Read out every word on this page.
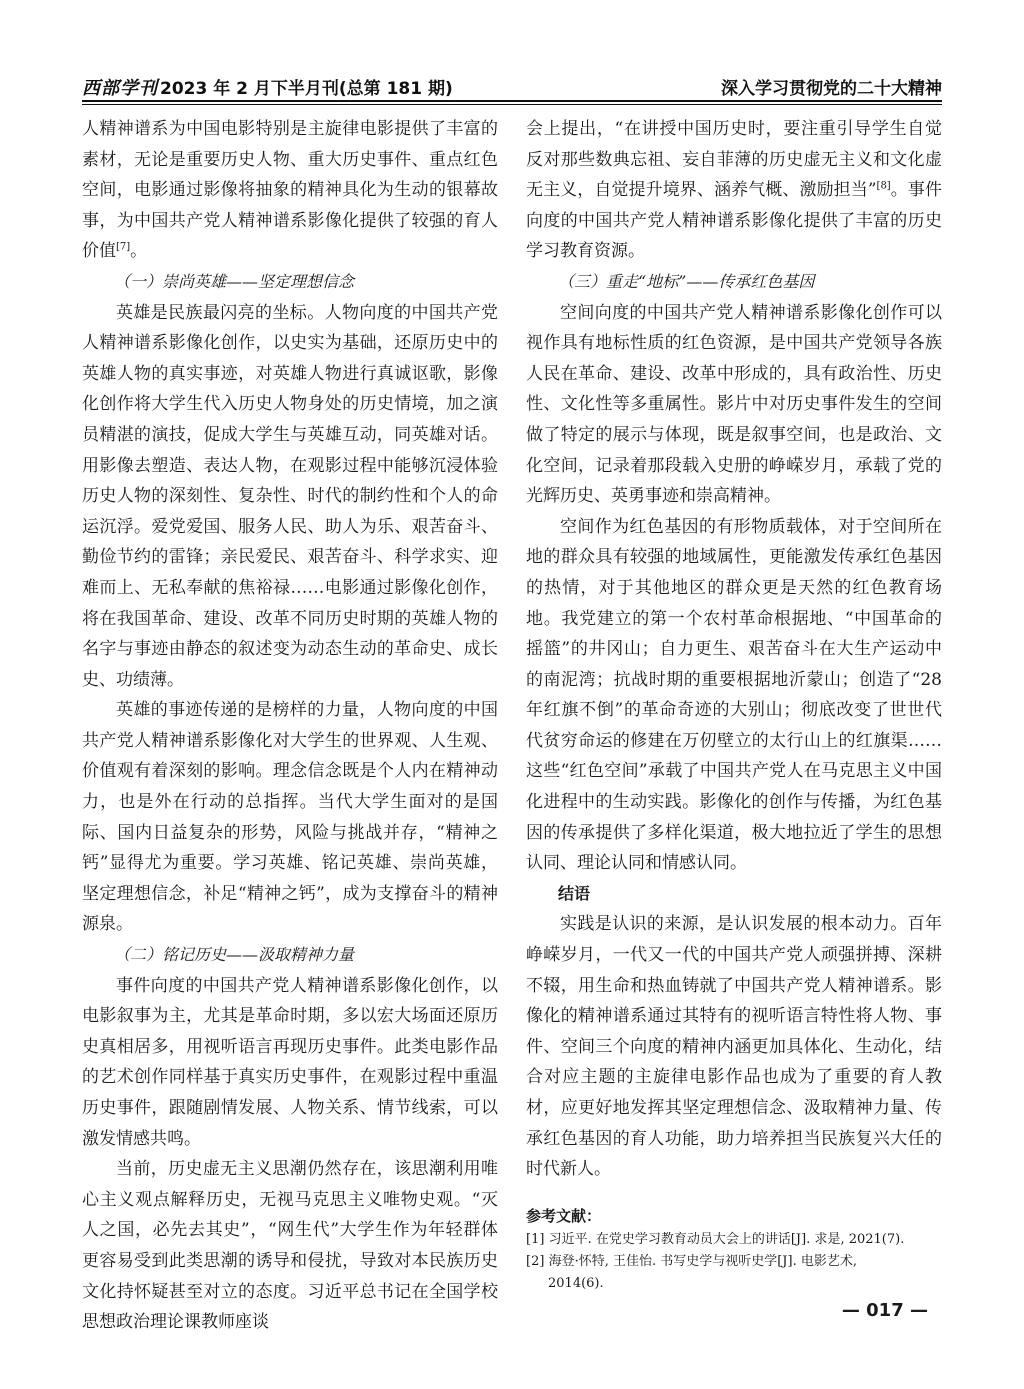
西部学刊 2023 年 2 月下半月刊(总第 181 期)	深入学习贯彻党的二十大精神

人精神谱系为中国电影特别是主旋律电影提供了丰富的素材，无论是重要历史人物、重大历史事件、重点红色空间，电影通过影像将抽象的精神具化为生动的银幕故事，为中国共产党人精神谱系影像化提供了较强的育人价值[7]。

（一）崇尚英雄——坚定理想信念

英雄是民族最闪亮的坐标。人物向度的中国共产党人精神谱系影像化创作，以史实为基础，还原历史中的英雄人物的真实事迹，对英雄人物进行真诚讴歌，影像化创作将大学生代入历史人物身处的历史情境，加之演员精湛的演技，促成大学生与英雄互动，同英雄对话。用影像去塑造、表达人物，在观影过程中能够沉浸体验历史人物的深刻性、复杂性、时代的制约性和个人的命运沉浮。爱党爱国、服务人民、助人为乐、艰苦奋斗、勤俭节约的雷锋；亲民爱民、艰苦奋斗、科学求实、迎难而上、无私奉献的焦裕禄……电影通过影像化创作，将在我国革命、建设、改革不同历史时期的英雄人物的名字与事迹由静态的叙述变为动态生动的革命史、成长史、功绩薄。

英雄的事迹传递的是榜样的力量，人物向度的中国共产党人精神谱系影像化对大学生的世界观、人生观、价值观有着深刻的影响。理念信念既是个人内在精神动力，也是外在行动的总指挥。当代大学生面对的是国际、国内日益复杂的形势，风险与挑战并存，“精神之钙”显得尤为重要。学习英雄、铭记英雄、崇尚英雄，坚定理想信念，补足“精神之钙”，成为支撑奋斗的精神源泉。

（二）铭记历史——汲取精神力量

事件向度的中国共产党人精神谱系影像化创作，以电影叙事为主，尤其是革命时期，多以宏大场面还原历史真相居多，用视听语言再现历史事件。此类电影作品的艺术创作同样基于真实历史事件，在观影过程中重温历史事件，跟随剧情发展、人物关系、情节线索，可以激发情感共鸣。

当前，历史虚无主义思潮仍然存在，该思潮利用唯心主义观点解释历史，无视马克思主义唯物史观。“灭人之国，必先去其史”，“网生代”大学生作为年轻群体更容易受到此类思潮的诱导和侵扰，导致对本民族历史文化持怀疑甚至对立的态度。习近平总书记在全国学校思想政治理论课教师座谈

会上提出，“在讲授中国历史时，要注重引导学生自觉反对那些数典忘祖、妄自菲薄的历史虚无主义和文化虚无主义，自觉提升境界、涵养气概、激励担当”[8]。事件向度的中国共产党人精神谱系影像化提供了丰富的历史学习教育资源。

（三）重走“地标”——传承红色基因

空间向度的中国共产党人精神谱系影像化创作可以视作具有地标性质的红色资源，是中国共产党领导各族人民在革命、建设、改革中形成的，具有政治性、历史性、文化性等多重属性。影片中对历史事件发生的空间做了特定的展示与体现，既是叙事空间，也是政治、文化空间，记录着那段载入史册的峥嵘岁月，承载了党的光辉历史、英勇事迹和崇高精神。

空间作为红色基因的有形物质载体，对于空间所在地的群众具有较强的地域属性，更能激发传承红色基因的热情，对于其他地区的群众更是天然的红色教育场地。我党建立的第一个农村革命根据地、“中国革命的摇篮”的井冈山；自力更生、艰苦奋斗在大生产运动中的南泥湾；抗战时期的重要根据地沂蒙山；创造了“28 年红旗不倒”的革命奇迹的大别山；彻底改变了世世代代贫穷命运的修建在万仞壁立的太行山上的红旗渠……这些“红色空间”承载了中国共产党人在马克思主义中国化进程中的生动实践。影像化的创作与传播，为红色基因的传承提供了多样化渠道，极大地拉近了学生的思想认同、理论认同和情感认同。

结语

实践是认识的来源，是认识发展的根本动力。百年峥嵘岁月，一代又一代的中国共产党人顽强拼搏、深耕不辍，用生命和热血铸就了中国共产党人精神谱系。影像化的精神谱系通过其特有的视听语言特性将人物、事件、空间三个向度的精神内涵更加具体化、生动化，结合对应主题的主旋律电影作品也成为了重要的育人教材，应更好地发挥其坚定理想信念、汲取精神力量、传承红色基因的育人功能，助力培养担当民族复兴大任的时代新人。

参考文献：

[1] 习近平. 在党史学习教育动员大会上的讲话[J]. 求是, 2021(7).

[2] 海登·怀特, 王佳怡. 书写史学与视听史学[J]. 电影艺术,
2014(6).

— 017 —
